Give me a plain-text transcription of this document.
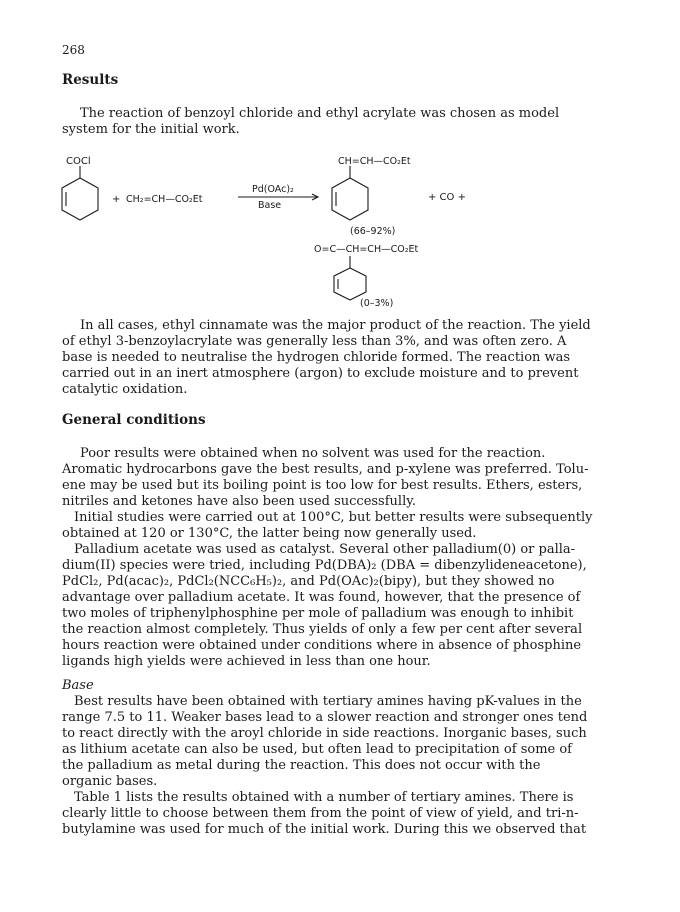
268
Results
The reaction of benzoyl chloride and ethyl acrylate was chosen as model
system for the initial work.
COCl
+ CH₂=CH—CO₂Et
Pd(OAc)₂
Base
CH=CH—CO₂Et
+ CO +
(66–92%)
O=C—CH=CH—CO₂Et
(0–3%)
In all cases, ethyl cinnamate was the major product of the reaction. The yield
of ethyl 3-benzoylacrylate was generally less than 3%, and was often zero. A
base is needed to neutralise the hydrogen chloride formed. The reaction was
carried out in an inert atmosphere (argon) to exclude moisture and to prevent
catalytic oxidation.
General conditions
Poor results were obtained when no solvent was used for the reaction.
Aromatic hydrocarbons gave the best results, and p-xylene was preferred. Tolu-
ene may be used but its boiling point is too low for best results. Ethers, esters,
nitriles and ketones have also been used successfully.
Initial studies were carried out at 100°C, but better results were subsequently
obtained at 120 or 130°C, the latter being now generally used.
Palladium acetate was used as catalyst. Several other palladium(0) or palla-
dium(II) species were tried, including Pd(DBA)₂ (DBA = dibenzylideneacetone),
PdCl₂, Pd(acac)₂, PdCl₂(NCC₆H₅)₂, and Pd(OAc)₂(bipy), but they showed no
advantage over palladium acetate. It was found, however, that the presence of
two moles of triphenylphosphine per mole of palladium was enough to inhibit
the reaction almost completely. Thus yields of only a few per cent after several
hours reaction were obtained under conditions where in absence of phosphine
ligands high yields were achieved in less than one hour.
Base
Best results have been obtained with tertiary amines having pK-values in the
range 7.5 to 11. Weaker bases lead to a slower reaction and stronger ones tend
to react directly with the aroyl chloride in side reactions. Inorganic bases, such
as lithium acetate can also be used, but often lead to precipitation of some of
the palladium as metal during the reaction. This does not occur with the
organic bases.
Table 1 lists the results obtained with a number of tertiary amines. There is
clearly little to choose between them from the point of view of yield, and tri-n-
butylamine was used for much of the initial work. During this we observed that
